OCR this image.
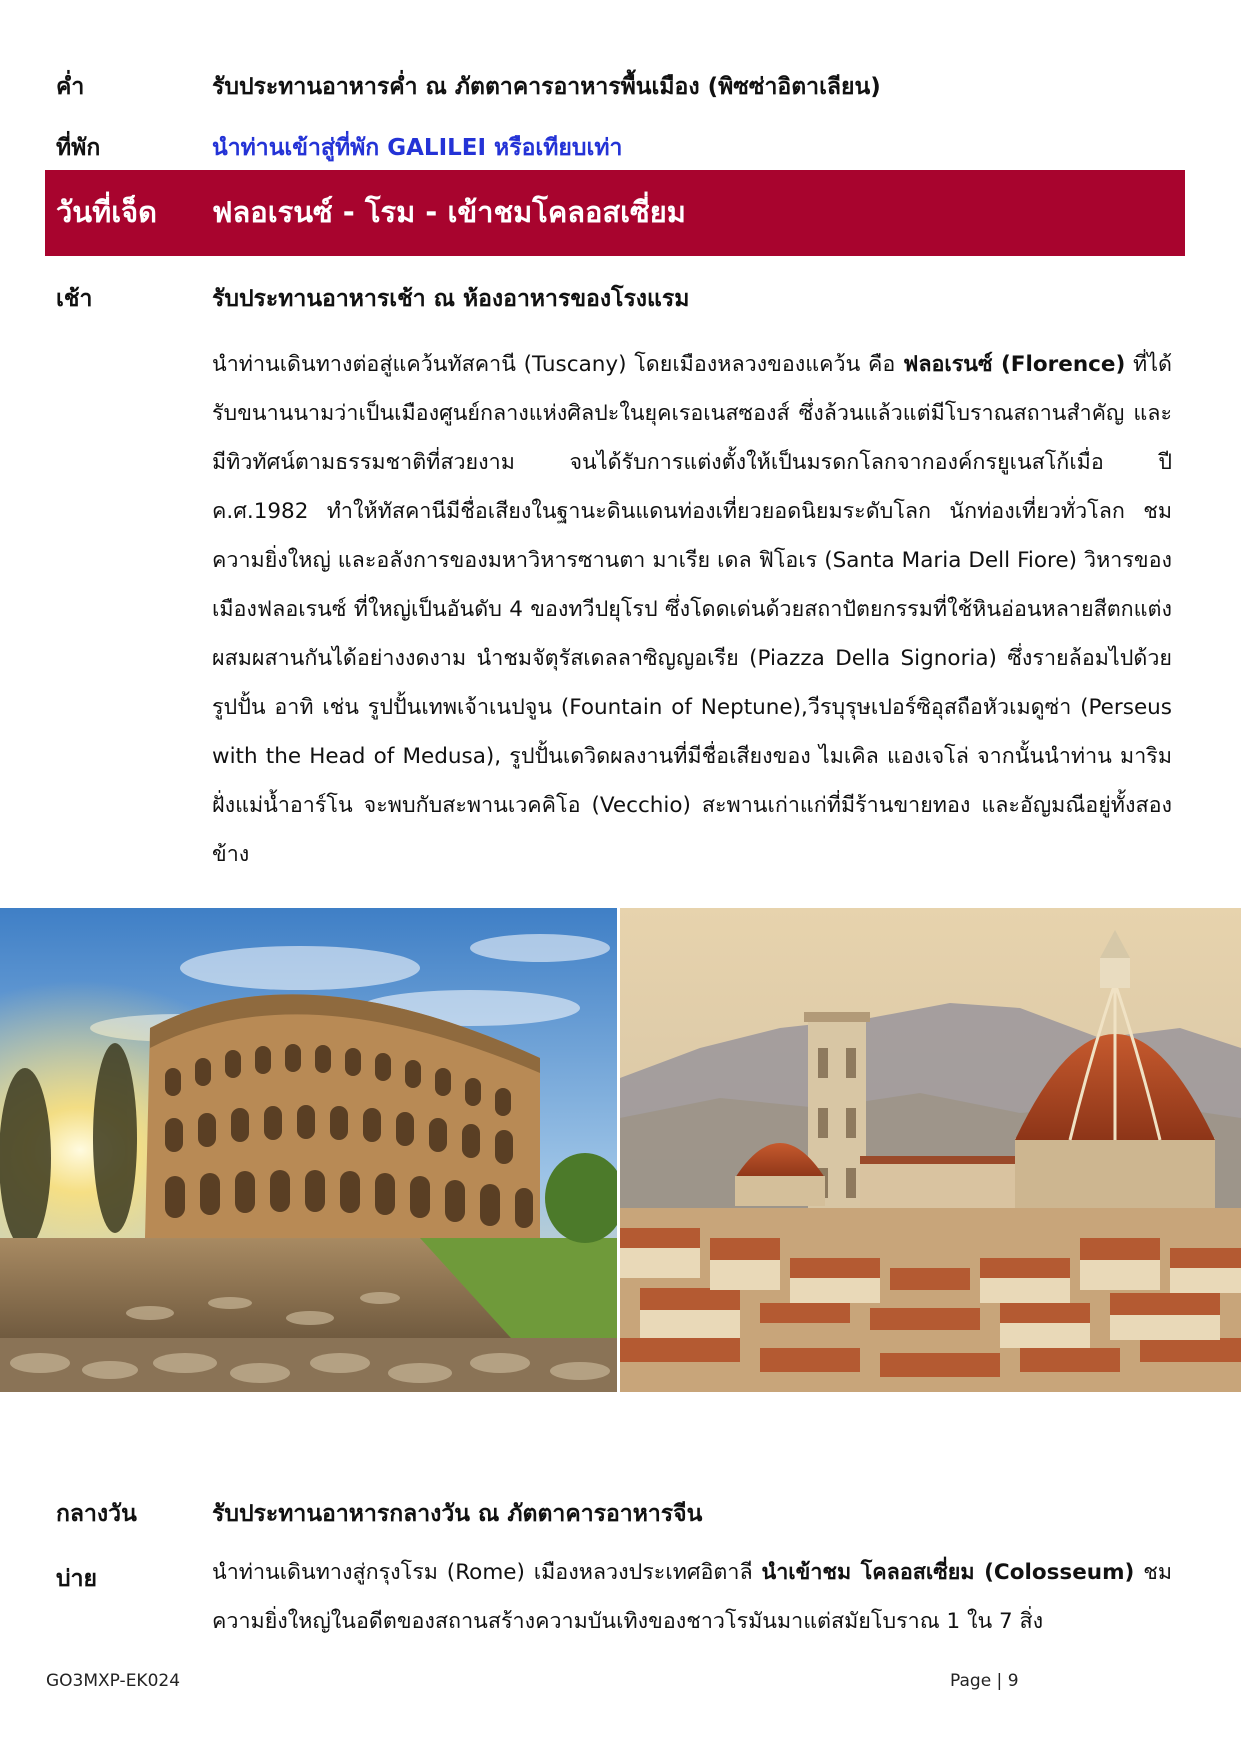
ค่ำ	รับประทานอาหารค่ำ ณ ภัตตาคารอาหารพื้นเมือง (พิซซ่าอิตาเลียน)
ที่พัก	นำท่านเข้าสู่ที่พัก GALILEI หรือเทียบเท่า
วันที่เจ็ด ฟลอเรนซ์ - โรม - เข้าชมโคลอสเซี่ยม
เช้า	รับประทานอาหารเช้า ณ ห้องอาหารของโรงแรม

นำท่านเดินทางต่อสู่แคว้นทัสคานี (Tuscany) โดยเมืองหลวงของแคว้น คือ ฟลอเรนซ์ (Florence) ที่ได้รับขนานนามว่าเป็นเมืองศูนย์กลางแห่งศิลปะในยุคเรอเนสซองส์ ซึ่งล้วนแล้วแต่มีโบราณสถานสำคัญ และมีทิวทัศน์ตามธรรมชาติที่สวยงาม จนได้รับการแต่งตั้งให้เป็นมรดกโลกจากองค์กรยูเนสโก้เมื่อ ปี ค.ศ.1982 ทำให้ทัสคานีมีชื่อเสียงในฐานะดินแดนท่องเที่ยวยอดนิยมระดับโลก นักท่องเที่ยวทั่วโลก ชมความยิ่งใหญ่ และอลังการของมหาวิหารซานตา มาเรีย เดล ฟิโอเร (Santa Maria Dell Fiore) วิหารของเมืองฟลอเรนซ์ ที่ใหญ่เป็นอันดับ 4 ของทวีปยุโรป ซึ่งโดดเด่นด้วยสถาปัตยกรรมที่ใช้หินอ่อนหลายสีตกแต่งผสมผสานกันได้อย่างงดงาม นำชมจัตุรัสเดลลาซิญญอเรีย (Piazza Della Signoria) ซึ่งรายล้อมไปด้วยรูปปั้น อาทิ เช่น รูปปั้นเทพเจ้าเนปจูน (Fountain of Neptune),วีรบุรุษเปอร์ซิอุสถือหัวเมดูซ่า (Perseus with the Head of Medusa), รูปปั้นเดวิดผลงานที่มีชื่อเสียงของ ไมเคิล แองเจโล่ จากนั้นนำท่าน มาริมฝั่งแม่น้ำอาร์โน จะพบกับสะพานเวคคิโอ (Vecchio) สะพานเก่าแก่ที่มีร้านขายทอง และอัญมณีอยู่ทั้งสองข้าง

กลางวัน	รับประทานอาหารกลางวัน ณ ภัตตาคารอาหารจีน
บ่าย	นำท่านเดินทางสู่กรุงโรม (Rome) เมืองหลวงประเทศอิตาลี นำเข้าชม โคลอสเซี่ยม (Colosseum) ชมความยิ่งใหญ่ในอดีตของสถานสร้างความบันเทิงของชาวโรมันมาแต่สมัยโบราณ 1 ใน 7 สิ่ง

GO3MXP-EK024	Page | 9
